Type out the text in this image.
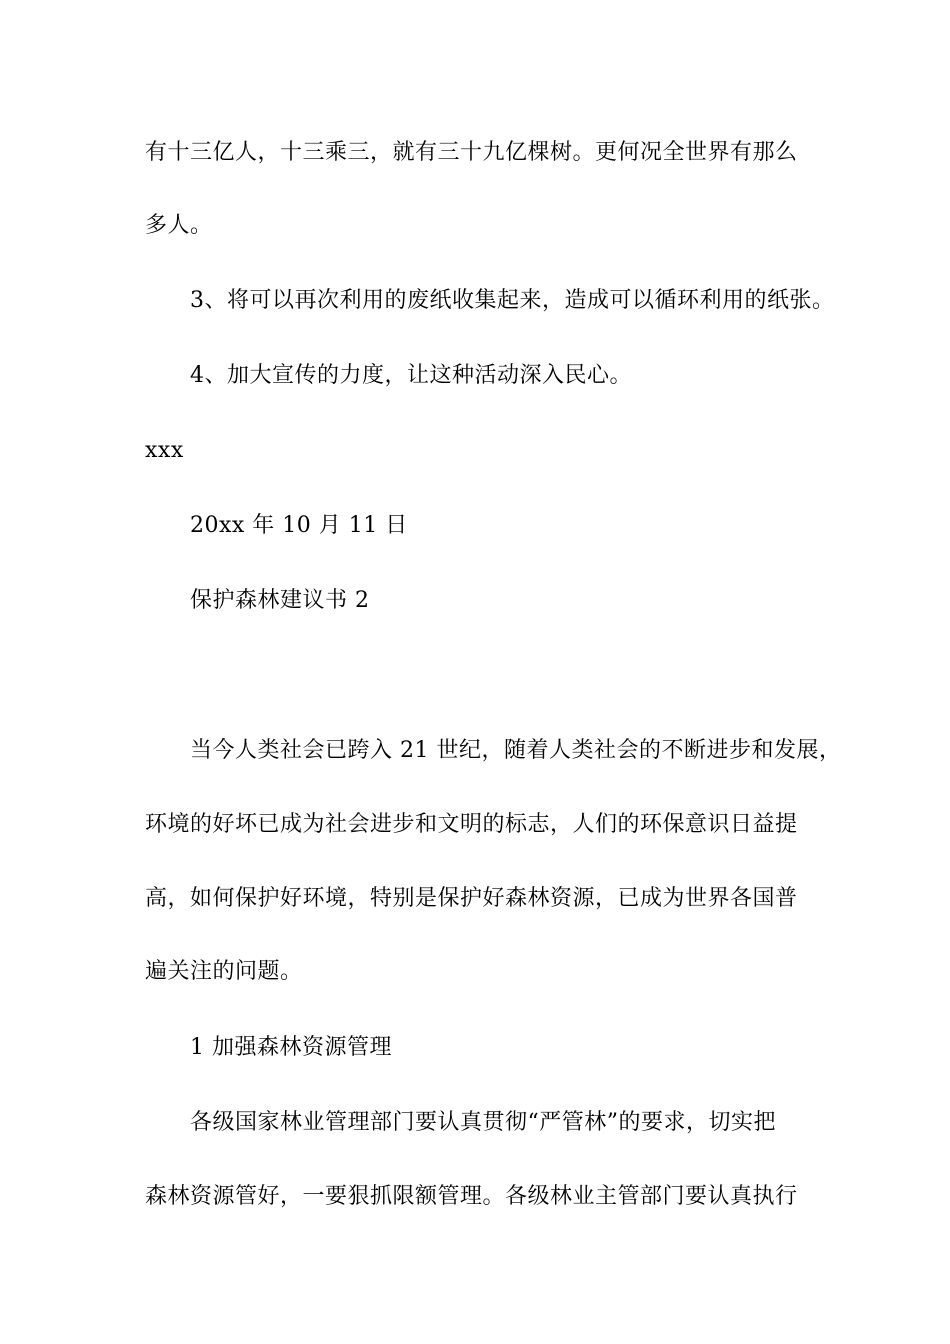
有十三亿人，十三乘三，就有三十九亿棵树。更何况全世界有那么
多人。
3、将可以再次利用的废纸收集起来，造成可以循环利用的纸张。
4、加大宣传的力度，让这种活动深入民心。
xxx
20xx 年 10 月 11 日
保护森林建议书 2
当今人类社会已跨入 21 世纪，随着人类社会的不断进步和发展，
环境的好坏已成为社会进步和文明的标志，人们的环保意识日益提
高，如何保护好环境，特别是保护好森林资源，已成为世界各国普
遍关注的问题。
1 加强森林资源管理
各级国家林业管理部门要认真贯彻“严管林”的要求，切实把
森林资源管好，一要狠抓限额管理。各级林业主管部门要认真执行
